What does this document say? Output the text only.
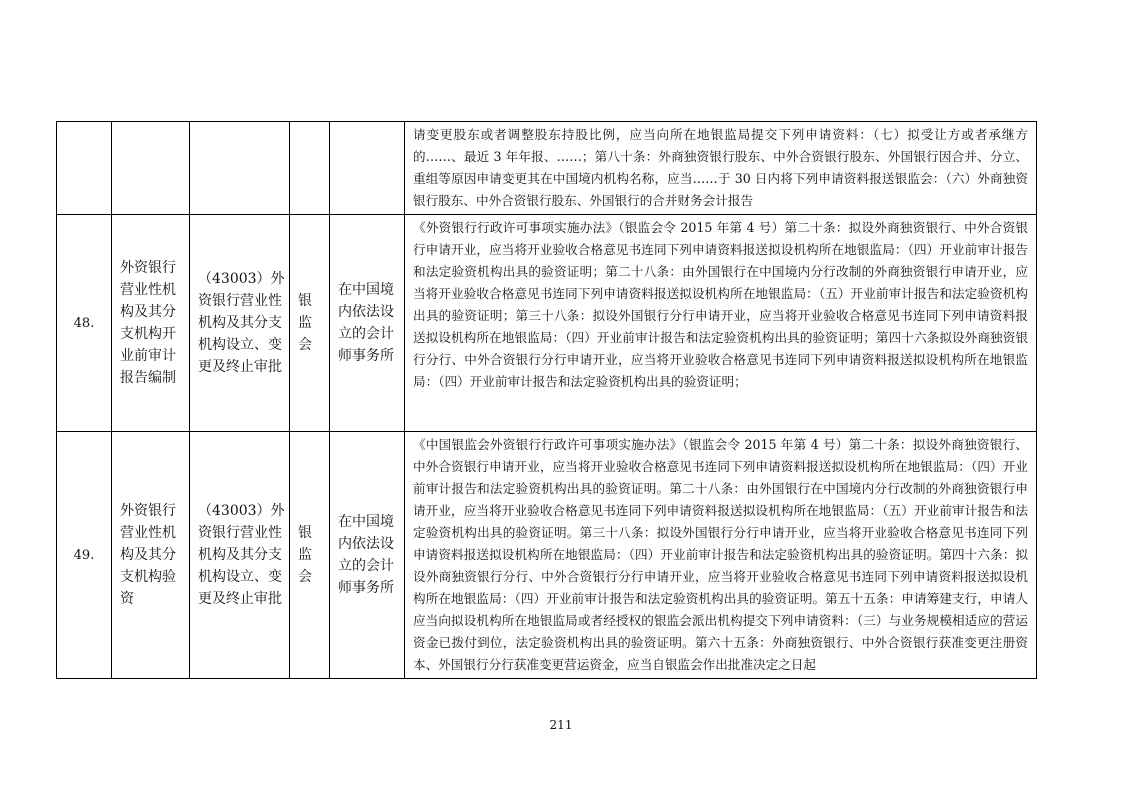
					请变更股东或者调整股东持股比例，应当向所在地银监局提交下列申请资料：（七）拟受让方或者承继方的……、最近 3 年年报、……；第八十条：外商独资银行股东、中外合资银行股东、外国银行因合并、分立、重组等原因申请变更其在中国境内机构名称，应当……于 30 日内将下列申请资料报送银监会：（六）外商独资银行股东、中外合资银行股东、外国银行的合并财务会计报告
48.	外资银行营业性机构及其分支机构开业前审计报告编制	（43003）外资银行营业性机构及其分支机构设立、变更及终止审批	银监会	在中国境内依法设立的会计师事务所	《外资银行行政许可事项实施办法》（银监会令 2015 年第 4 号）第二十条：拟设外商独资银行、中外合资银行申请开业，应当将开业验收合格意见书连同下列申请资料报送拟设机构所在地银监局：（四）开业前审计报告和法定验资机构出具的验资证明；第二十八条：由外国银行在中国境内分行改制的外商独资银行申请开业，应当将开业验收合格意见书连同下列申请资料报送拟设机构所在地银监局：（五）开业前审计报告和法定验资机构出具的验资证明；第三十八条：拟设外国银行分行申请开业，应当将开业验收合格意见书连同下列申请资料报送拟设机构所在地银监局：（四）开业前审计报告和法定验资机构出具的验资证明；第四十六条拟设外商独资银行分行、中外合资银行分行申请开业，应当将开业验收合格意见书连同下列申请资料报送拟设机构所在地银监局：（四）开业前审计报告和法定验资机构出具的验资证明；
49.	外资银行营业性机构及其分支机构验资	（43003）外资银行营业性机构及其分支机构设立、变更及终止审批	银监会	在中国境内依法设立的会计师事务所	《中国银监会外资银行行政许可事项实施办法》（银监会令 2015 年第 4 号）第二十条：拟设外商独资银行、中外合资银行申请开业，应当将开业验收合格意见书连同下列申请资料报送拟设机构所在地银监局：（四）开业前审计报告和法定验资机构出具的验资证明。第二十八条：由外国银行在中国境内分行改制的外商独资银行申请开业，应当将开业验收合格意见书连同下列申请资料报送拟设机构所在地银监局：（五）开业前审计报告和法定验资机构出具的验资证明。第三十八条：拟设外国银行分行申请开业，应当将开业验收合格意见书连同下列申请资料报送拟设机构所在地银监局：（四）开业前审计报告和法定验资机构出具的验资证明。第四十六条：拟设外商独资银行分行、中外合资银行分行申请开业，应当将开业验收合格意见书连同下列申请资料报送拟设机构所在地银监局：（四）开业前审计报告和法定验资机构出具的验资证明。第五十五条：申请筹建支行，申请人应当向拟设机构所在地银监局或者经授权的银监会派出机构提交下列申请资料：（三）与业务规模相适应的营运资金已拨付到位，法定验资机构出具的验资证明。第六十五条：外商独资银行、中外合资银行获准变更注册资本、外国银行分行获准变更营运资金，应当自银监会作出批准决定之日起
211
